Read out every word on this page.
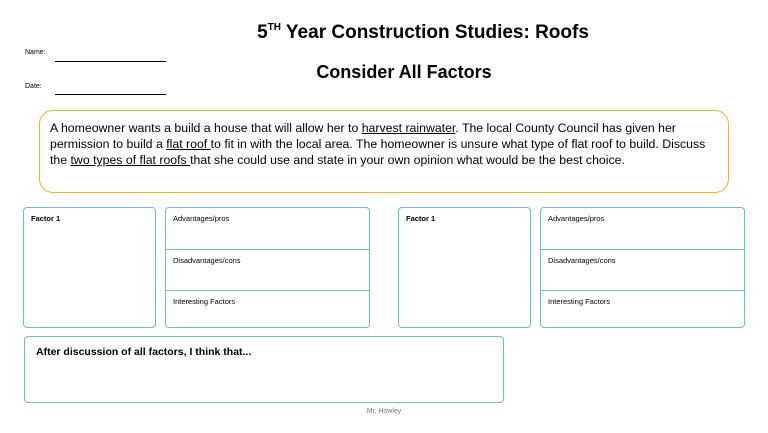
5TH Year Construction Studies: Roofs
Consider All Factors
Name:
Date:
A homeowner wants a build a house that will allow her to harvest rainwater. The local County Council has given her permission to build a flat roof to fit in with the local area. The homeowner is unsure what type of flat roof to build. Discuss the two types of flat roofs that she could use and state in your own opinion what would be the best choice.
Factor 1	Advantages/pros
Disadvantages/cons
Interesting Factors
Factor 1	Advantages/pros
Disadvantages/cons
Interesting Factors
After discussion of all factors, I think that...
Mr. Howley
